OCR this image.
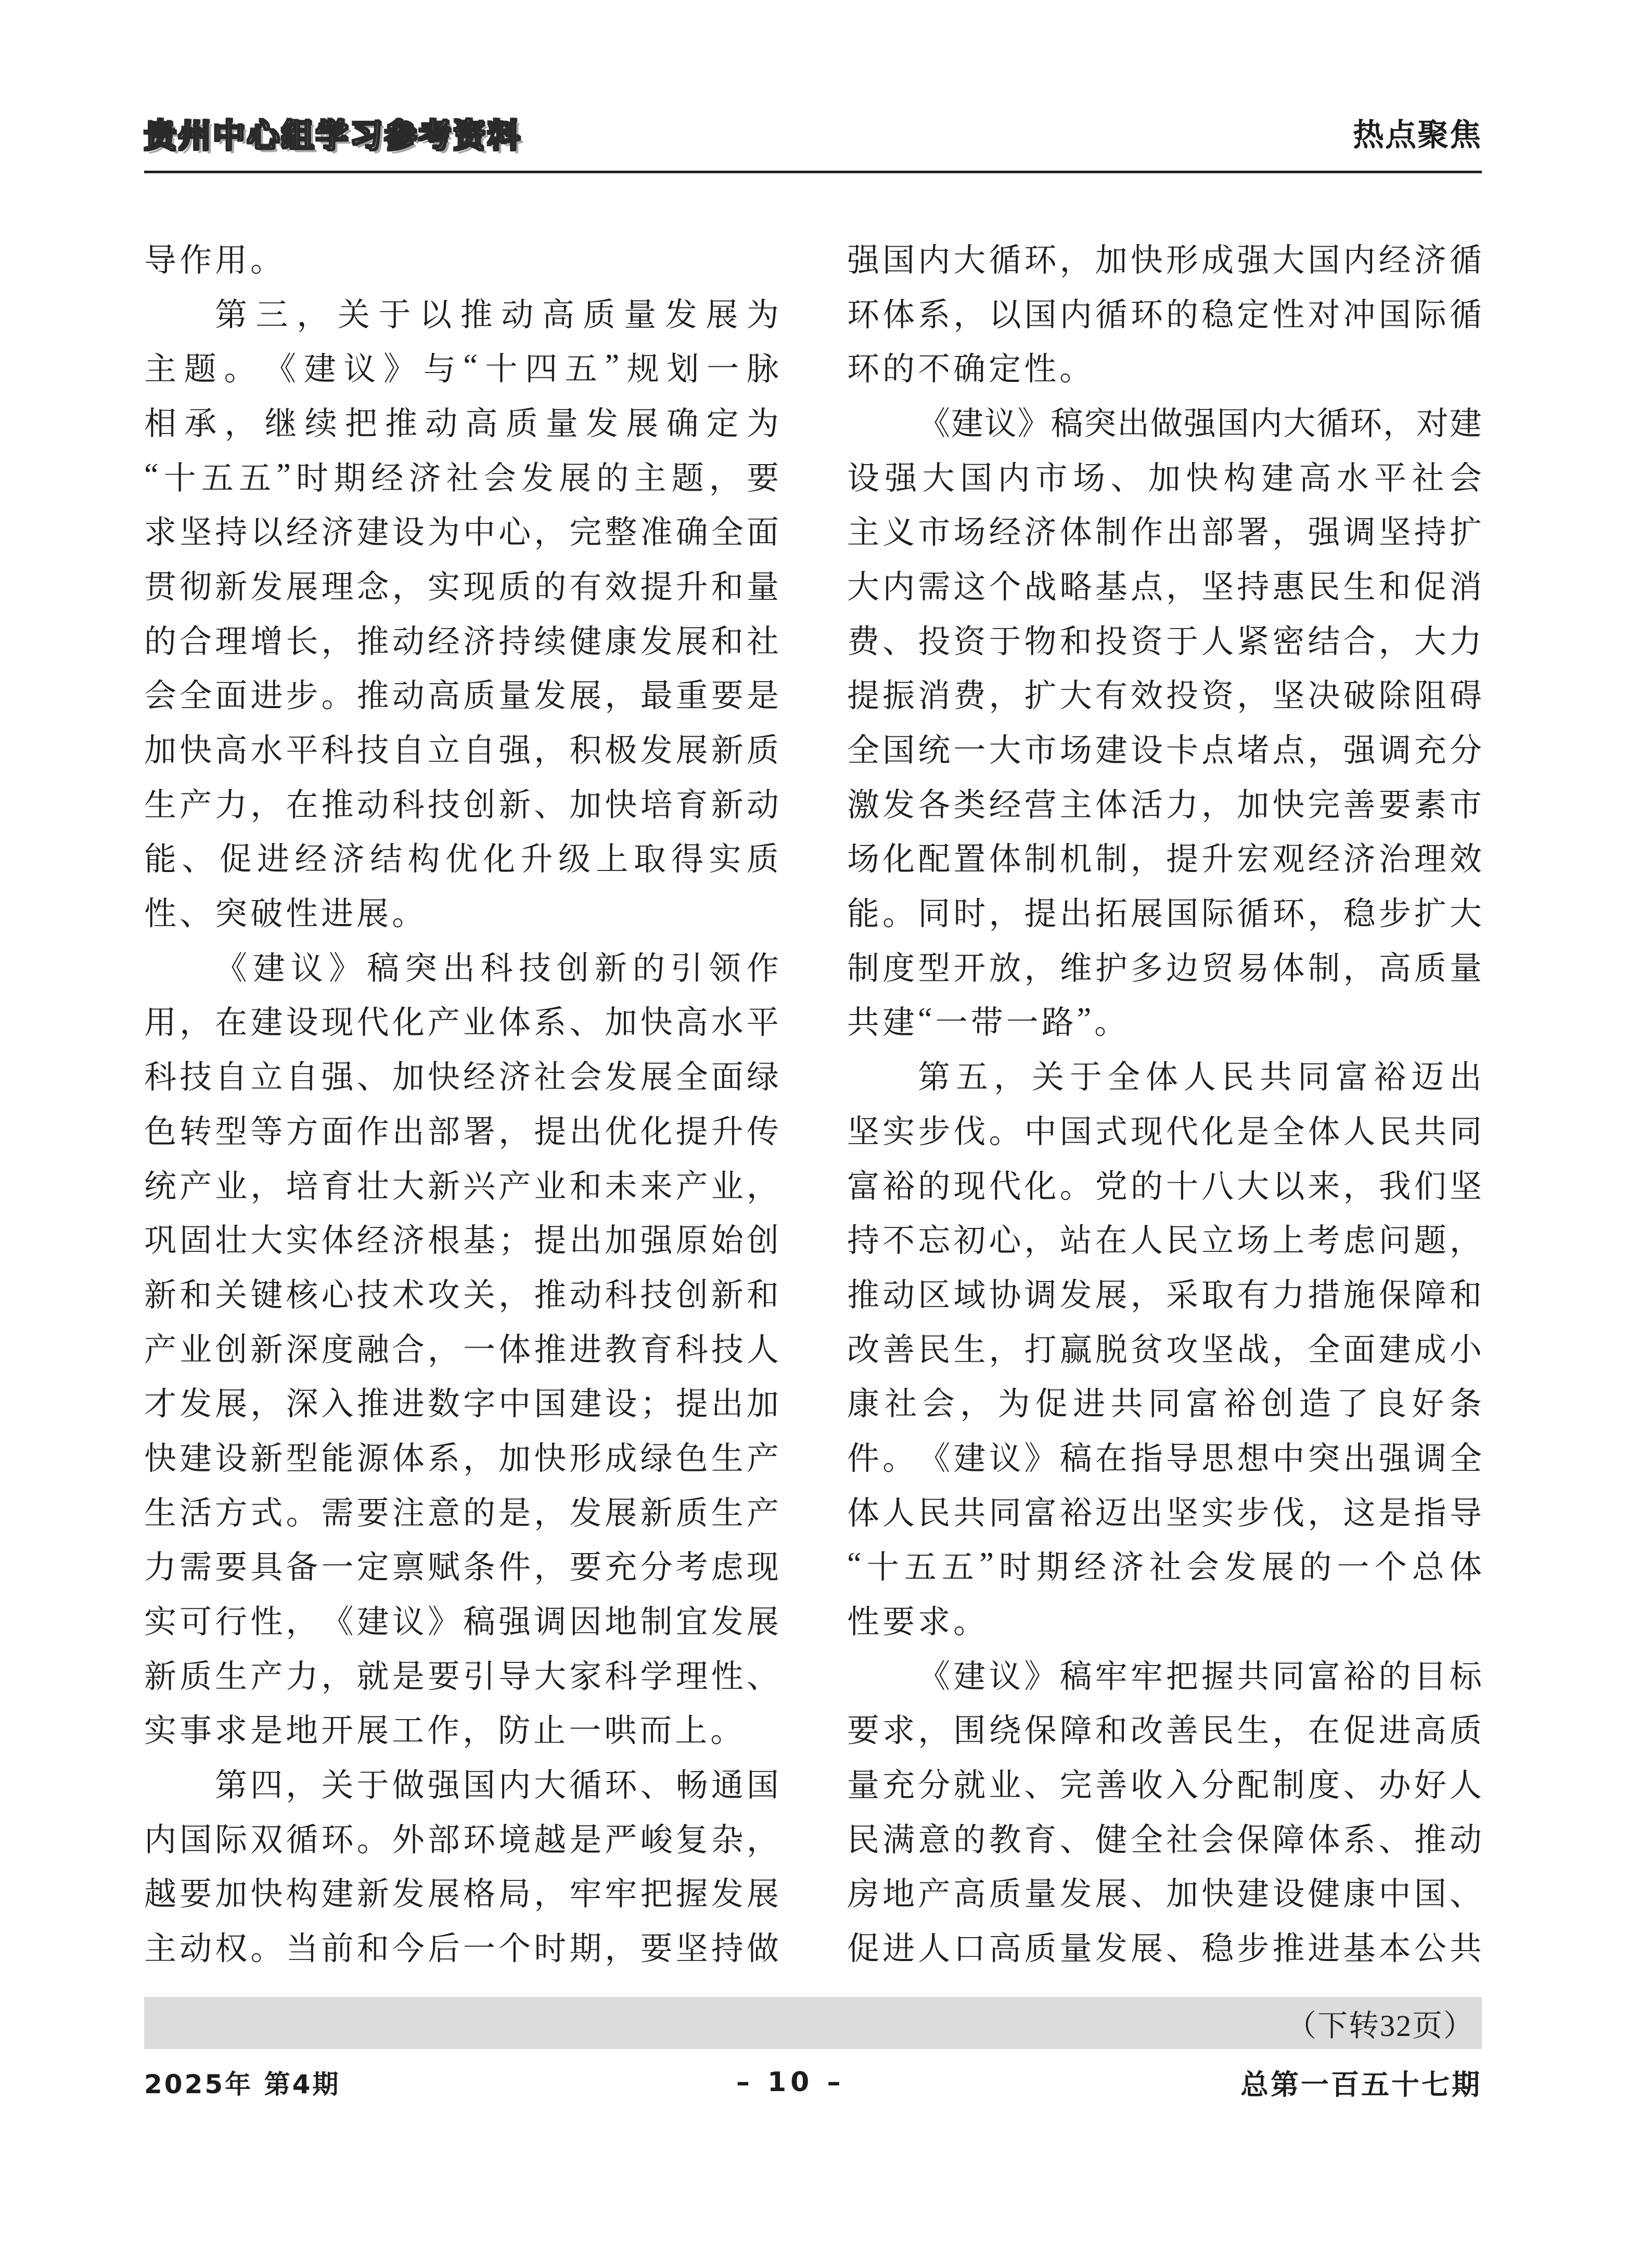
贵州中心组学习参考资料	热点聚焦
导 作 用 。
第 三 ， 关 于 以 推 动 高 质 量 发 展 为
主 题 。 《 建 议 》 与 “ 十 四 五 ” 规 划 一 脉
相 承 ， 继 续 把 推 动 高 质 量 发 展 确 定 为
“ 十 五 五 ” 时 期 经 济 社 会 发 展 的 主 题 ， 要
求 坚 持 以 经 济 建 设 为 中 心 ， 完 整 准 确 全 面
贯 彻 新 发 展 理 念 ， 实 现 质 的 有 效 提 升 和 量
的 合 理 增 长 ， 推 动 经 济 持 续 健 康 发 展 和 社
会 全 面 进 步 。 推 动 高 质 量 发 展 ， 最 重 要 是
加 快 高 水 平 科 技 自 立 自 强 ， 积 极 发 展 新 质
生 产 力 ， 在 推 动 科 技 创 新 、 加 快 培 育 新 动
能 、 促 进 经 济 结 构 优 化 升 级 上 取 得 实 质
性 、 突 破 性 进 展 。
《 建 议 》 稿 突 出 科 技 创 新 的 引 领 作
用 ， 在 建 设 现 代 化 产 业 体 系 、 加 快 高 水 平
科 技 自 立 自 强 、 加 快 经 济 社 会 发 展 全 面 绿
色 转 型 等 方 面 作 出 部 署 ， 提 出 优 化 提 升 传
统 产 业 ， 培 育 壮 大 新 兴 产 业 和 未 来 产 业 ，
巩 固 壮 大 实 体 经 济 根 基 ； 提 出 加 强 原 始 创
新 和 关 键 核 心 技 术 攻 关 ， 推 动 科 技 创 新 和
产 业 创 新 深 度 融 合 ， 一 体 推 进 教 育 科 技 人
才 发 展 ， 深 入 推 进 数 字 中 国 建 设 ； 提 出 加
快 建 设 新 型 能 源 体 系 ， 加 快 形 成 绿 色 生 产
生 活 方 式 。 需 要 注 意 的 是 ， 发 展 新 质 生 产
力 需 要 具 备 一 定 禀 赋 条 件 ， 要 充 分 考 虑 现
实 可 行 性 ， 《 建 议 》 稿 强 调 因 地 制 宜 发 展
新 质 生 产 力 ， 就 是 要 引 导 大 家 科 学 理 性 、
实 事 求 是 地 开 展 工 作 ， 防 止 一 哄 而 上 。
第 四 ， 关 于 做 强 国 内 大 循 环 、 畅 通 国
内 国 际 双 循 环 。 外 部 环 境 越 是 严 峻 复 杂 ，
越 要 加 快 构 建 新 发 展 格 局 ， 牢 牢 把 握 发 展
主 动 权 。 当 前 和 今 后 一 个 时 期 ， 要 坚 持 做
强 国 内 大 循 环 ， 加 快 形 成 强 大 国 内 经 济 循
环 体 系 ， 以 国 内 循 环 的 稳 定 性 对 冲 国 际 循
环 的 不 确 定 性 。
《 建 议 》 稿 突 出 做 强 国 内 大 循 环 ， 对 建
设 强 大 国 内 市 场 、 加 快 构 建 高 水 平 社 会
主 义 市 场 经 济 体 制 作 出 部 署 ， 强 调 坚 持 扩
大 内 需 这 个 战 略 基 点 ， 坚 持 惠 民 生 和 促 消
费 、 投 资 于 物 和 投 资 于 人 紧 密 结 合 ， 大 力
提 振 消 费 ， 扩 大 有 效 投 资 ， 坚 决 破 除 阻 碍
全 国 统 一 大 市 场 建 设 卡 点 堵 点 ， 强 调 充 分
激 发 各 类 经 营 主 体 活 力 ， 加 快 完 善 要 素 市
场 化 配 置 体 制 机 制 ， 提 升 宏 观 经 济 治 理 效
能 。 同 时 ， 提 出 拓 展 国 际 循 环 ， 稳 步 扩 大
制 度 型 开 放 ， 维 护 多 边 贸 易 体 制 ， 高 质 量
共 建 “ 一 带 一 路 ” 。
第 五 ， 关 于 全 体 人 民 共 同 富 裕 迈 出
坚 实 步 伐 。 中 国 式 现 代 化 是 全 体 人 民 共 同
富 裕 的 现 代 化 。 党 的 十 八 大 以 来 ， 我 们 坚
持 不 忘 初 心 ， 站 在 人 民 立 场 上 考 虑 问 题 ，
推 动 区 域 协 调 发 展 ， 采 取 有 力 措 施 保 障 和
改 善 民 生 ， 打 赢 脱 贫 攻 坚 战 ， 全 面 建 成 小
康 社 会 ， 为 促 进 共 同 富 裕 创 造 了 良 好 条
件 。 《 建 议 》 稿 在 指 导 思 想 中 突 出 强 调 全
体 人 民 共 同 富 裕 迈 出 坚 实 步 伐 ， 这 是 指 导
“ 十 五 五 ” 时 期 经 济 社 会 发 展 的 一 个 总 体
性 要 求 。
《 建 议 》 稿 牢 牢 把 握 共 同 富 裕 的 目 标
要 求 ， 围 绕 保 障 和 改 善 民 生 ， 在 促 进 高 质
量 充 分 就 业 、 完 善 收 入 分 配 制 度 、 办 好 人
民 满 意 的 教 育 、 健 全 社 会 保 障 体 系 、 推 动
房 地 产 高 质 量 发 展 、 加 快 建 设 健 康 中 国 、
促 进 人 口 高 质 量 发 展 、 稳 步 推 进 基 本 公 共
（下转32页）
2025年 第4期	– 10 –	总第一百五十七期
